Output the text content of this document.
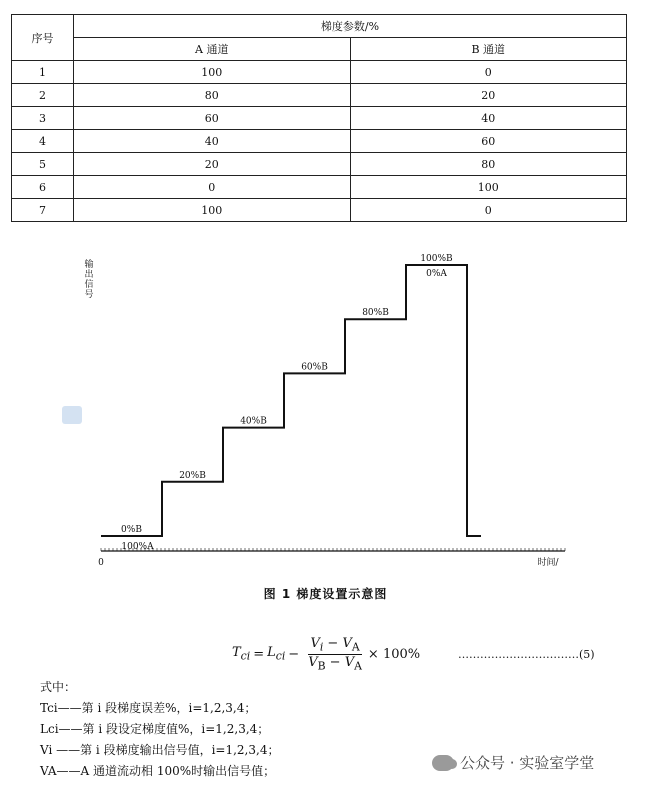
序号	梯度参数/%	
	A 通道	B 通道
1	100	0
2	80	20
3	60	40
4	40	60
5	20	80
6	0	100
7	100	0
0%B
20%B
40%B
60%B
80%B
100%B
100%A
0%A
输
出
信
号
0	时间/
图 1 梯度设置示意图
$T_{ci} = L_{ci} - \frac{V_i - V_A}{V_B - V_A} \times 100\%$	……………………………(5)
式中：
Tci——第 i 段梯度误差%，i=1,2,3,4；
Lci——第 i 段设定梯度值%，i=1,2,3,4；
Vi ——第 i 段梯度输出信号值，i=1,2,3,4；
VA——A 通道流动相 100%时输出信号值；	公众号 · 实验室学堂
